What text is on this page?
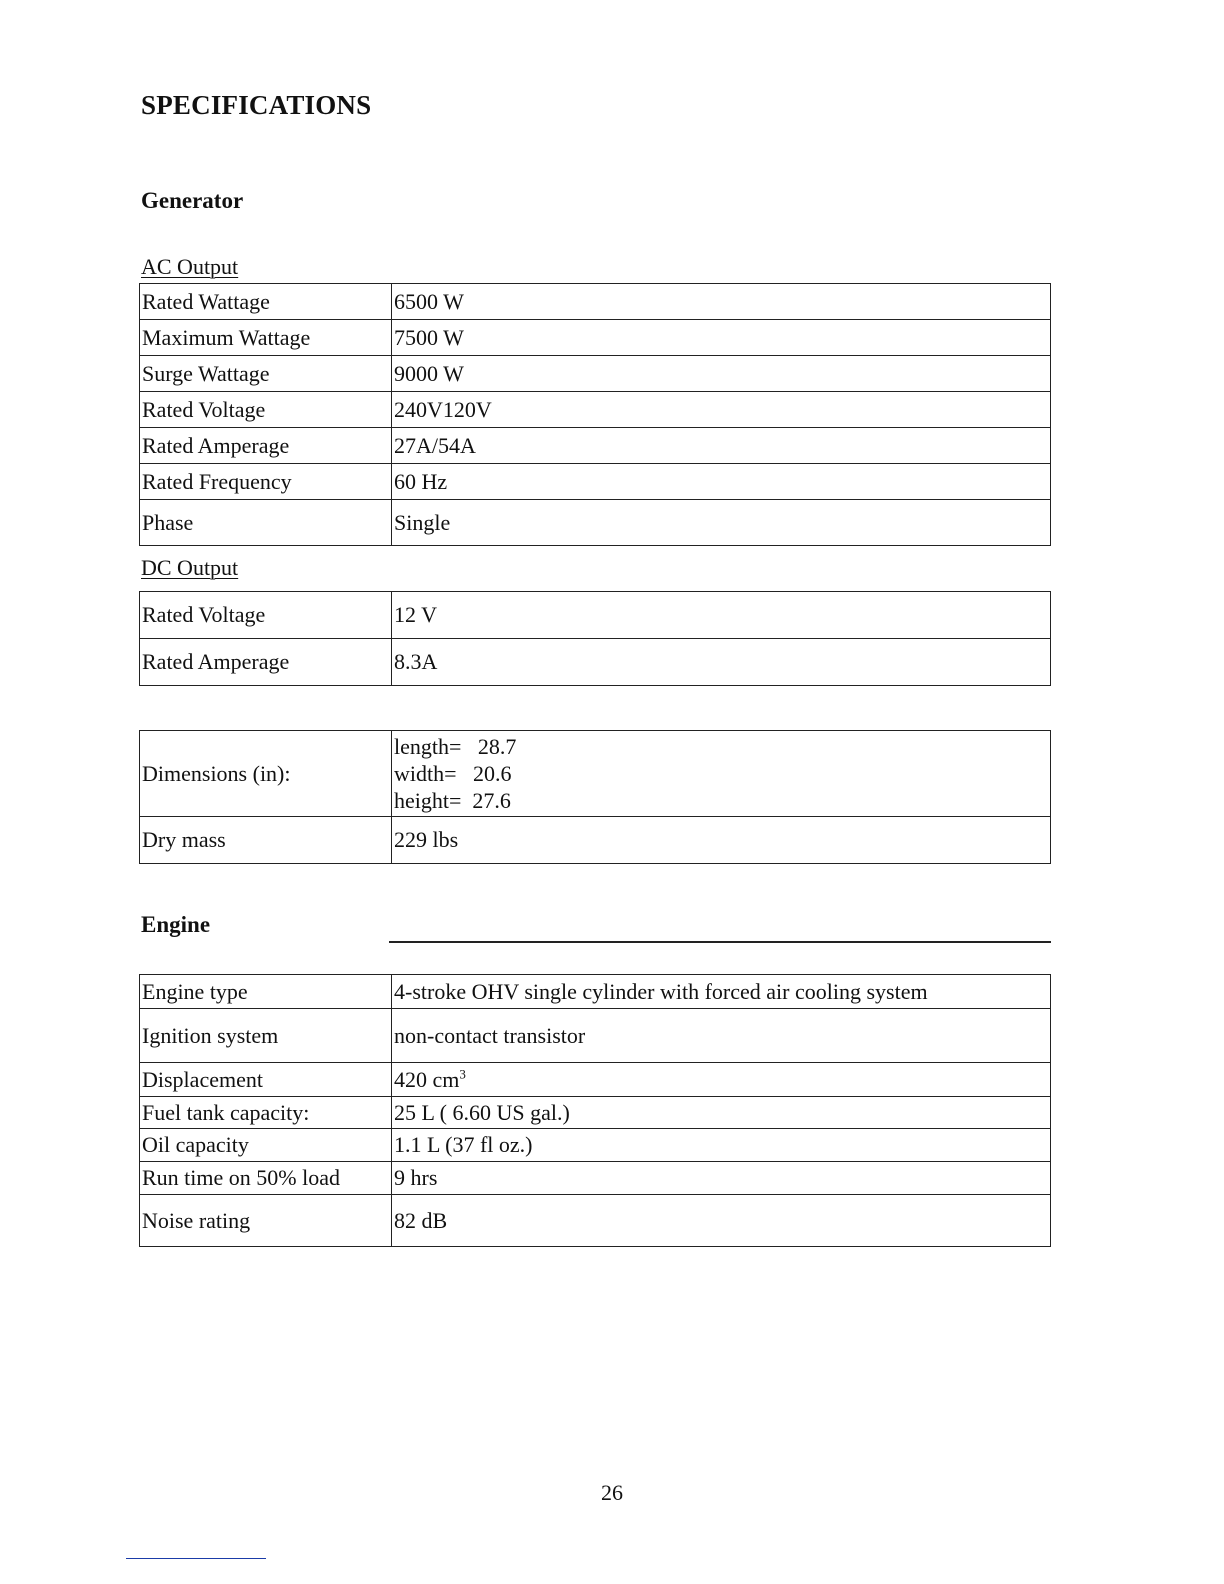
SPECIFICATIONS
Generator
AC Output
Rated Wattage	6500 W
Maximum Wattage	7500 W
Surge Wattage	9000 W
Rated Voltage	240V120V
Rated Amperage	27A/54A
Rated Frequency	60 Hz
Phase	Single
DC Output
Rated Voltage	12 V
Rated Amperage	8.3A
Dimensions (in):	length=   28.7
width=   20.6
height=  27.6

Dry mass	229 lbs
Engine
Engine type	4-stroke OHV single cylinder with forced air cooling system
Ignition system	non-contact transistor
Displacement	420 $cm^3$
Fuel tank capacity:	25 L ( 6.60 US gal.)
Oil capacity	1.1 L (37 fl oz.)
Run time on 50% load	9 hrs
Noise rating	82 dB
26
